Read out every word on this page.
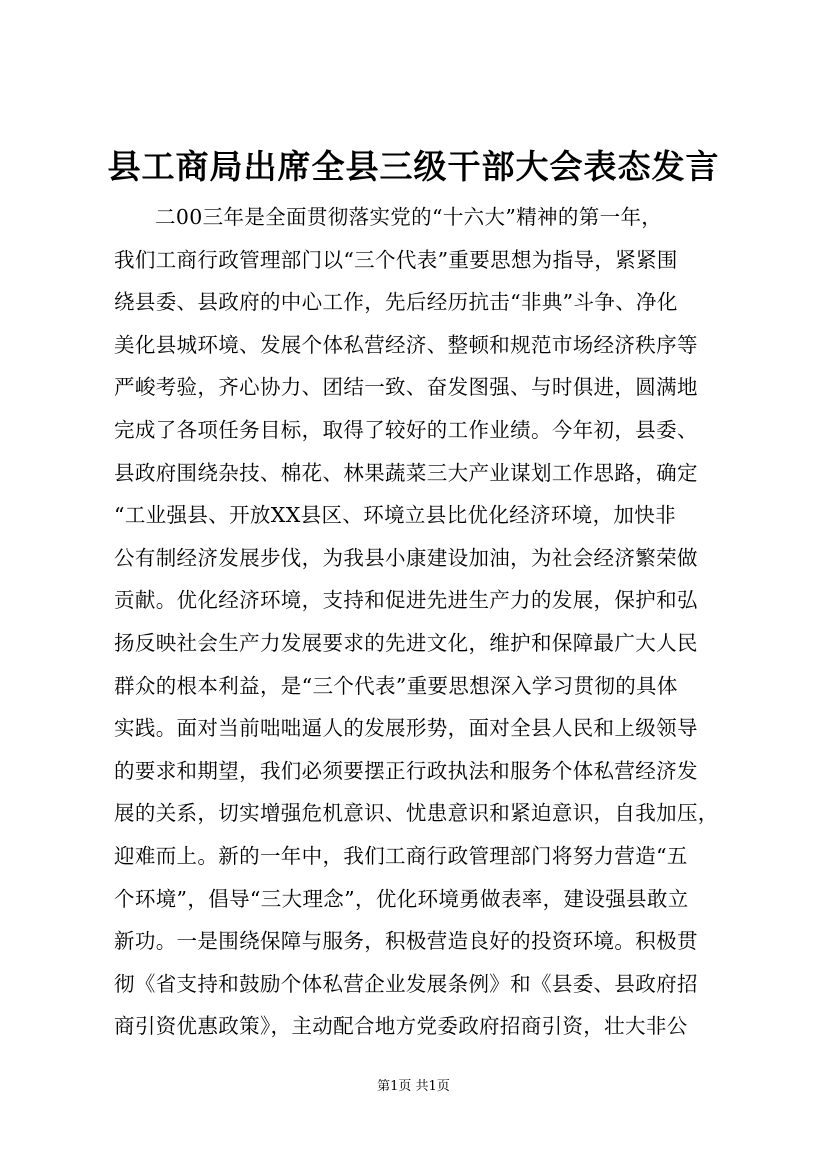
县工商局出席全县三级干部大会表态发言
二00三年是全面贯彻落实党的“十六大”精神的第一年，
我们工商行政管理部门以“三个代表”重要思想为指导，紧紧围
绕县委、县政府的中心工作，先后经历抗击“非典”斗争、净化
美化县城环境、发展个体私营经济、整顿和规范市场经济秩序等
严峻考验，齐心协力、团结一致、奋发图强、与时俱进，圆满地
完成了各项任务目标，取得了较好的工作业绩。今年初，县委、
县政府围绕杂技、棉花、林果蔬菜三大产业谋划工作思路，确定
“工业强县、开放XX县区、环境立县比优化经济环境，加快非
公有制经济发展步伐，为我县小康建设加油，为社会经济繁荣做
贡献。优化经济环境，支持和促进先进生产力的发展，保护和弘
扬反映社会生产力发展要求的先进文化，维护和保障最广大人民
群众的根本利益，是“三个代表”重要思想深入学习贯彻的具体
实践。面对当前咄咄逼人的发展形势，面对全县人民和上级领导
的要求和期望，我们必须要摆正行政执法和服务个体私营经济发
展的关系，切实增强危机意识、忧患意识和紧迫意识，自我加压，
迎难而上。新的一年中，我们工商行政管理部门将努力营造“五
个环境”，倡导“三大理念”，优化环境勇做表率，建设强县敢立
新功。一是围绕保障与服务，积极营造良好的投资环境。积极贯
彻《省支持和鼓励个体私营企业发展条例》和《县委、县政府招
商引资优惠政策》，主动配合地方党委政府招商引资，壮大非公
第1页 共1页
